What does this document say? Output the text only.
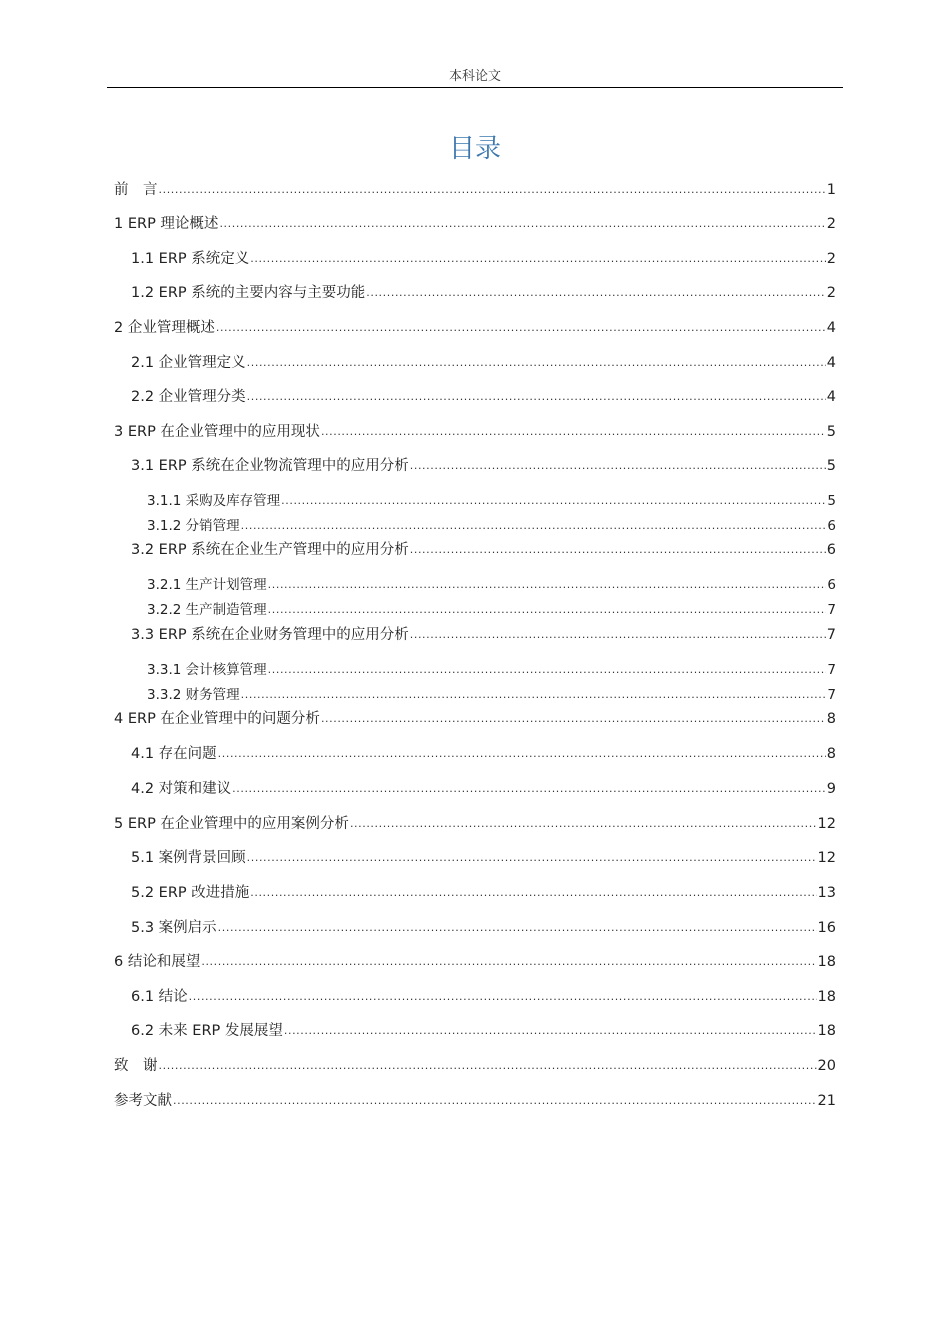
本科论文
目录
前　言 .....	1
1 ERP 理论概述 .....	2
1.1 ERP 系统定义 .....	2
1.2 ERP 系统的主要内容与主要功能 .....	2
2 企业管理概述 .....	4
2.1 企业管理定义 .....	4
2.2 企业管理分类 .....	4
3 ERP 在企业管理中的应用现状 .....	5
3.1 ERP 系统在企业物流管理中的应用分析 .....	5
3.1.1 采购及库存管理 .....	5
3.1.2 分销管理 .....	6
3.2 ERP 系统在企业生产管理中的应用分析 .....	6
3.2.1 生产计划管理 .....	6
3.2.2 生产制造管理 .....	7
3.3 ERP 系统在企业财务管理中的应用分析 .....	7
3.3.1 会计核算管理 .....	7
3.3.2 财务管理 .....	7
4 ERP 在企业管理中的问题分析 .....	8
4.1 存在问题 .....	8
4.2 对策和建议 .....	9
5 ERP 在企业管理中的应用案例分析 .....	12
5.1 案例背景回顾 .....	12
5.2 ERP 改进措施 .....	13
5.3 案例启示 .....	16
6 结论和展望 .....	18
6.1 结论 .....	18
6.2 未来 ERP 发展展望 .....	18
致　谢 .....	20
参考文献 .....	21
